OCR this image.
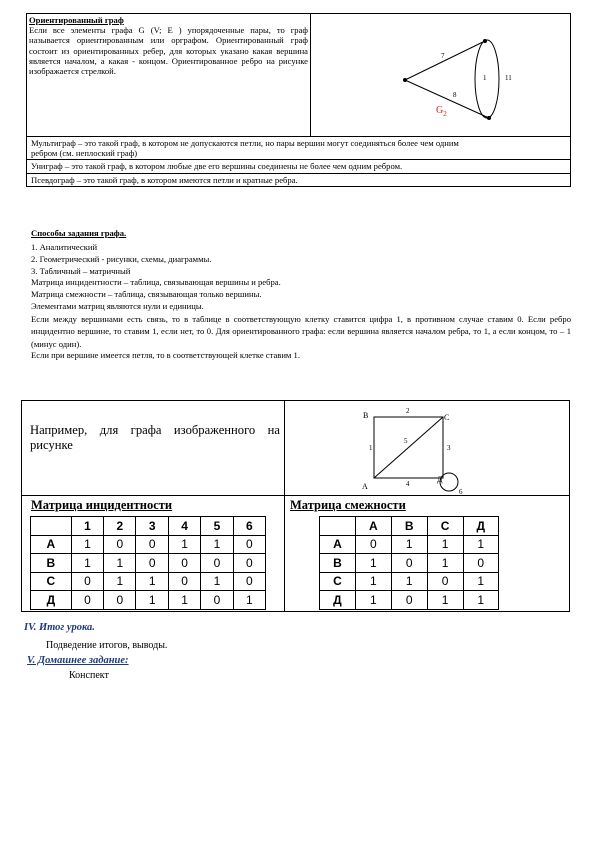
Ориентированный граф
Если все элементы графа G (V; E ) упорядоченные пары, то граф называется ориентированным или орграфом. Ориентированный граф состоит из ориентированных ребер, для которых указано какая вершина является началом, а какая - концом. Ориентированное ребро на рисунке изображается стрелкой.

7
1	11
8
$G_2$
Мультиграф – это такой граф, в котором не допускаются петли, но пары вершин могут соединяться более чем одним ребром (см. неплоский граф)
Униграф – это такой граф, в котором любые две его вершины соединены не более чем одним ребром.
Псевдограф – это такой граф, в котором имеются петли и кратные ребра.
Способы задания графа.
1. Аналитический
2. Геометрический - рисунки, схемы, диаграммы.
3. Табличный – матричный
Матрица инцидентности – таблица, связывающая вершины и ребра.
Матрица смежности – таблица, связывающая только вершины.
Элементами матриц являются нули и единицы.
Если между вершинами есть связь, то в таблице в соответствующую клетку ставится цифра 1, в противном случае ставим 0. Если ребро инцидентно вершине, то ставим 1, если нет, то 0. Для ориентированного графа: если вершина является началом ребра, то 1, а если концом, то – 1 (минус один).
Если при вершине имеется петля, то в соответствующей клетке ставим 1.
Например, для графа изображенного на рисунке
B	C
A
Д
1
2
3
4
5
6
Матрица инцидентности	Матрица смежности
	1	2	3	4	5	6
А	1	0	0	1	1	0
В	1	1	0	0	0	0
С	0	1	1	0	1	0
Д	0	0	1	1	0	1
	А	В	С	Д
А	0	1	1	1
В	1	0	1	0
С	1	1	0	1
Д	1	0	1	1
IV. Итог урока.
Подведение итогов, выводы.
V. Домашнее задание:
Конспект
